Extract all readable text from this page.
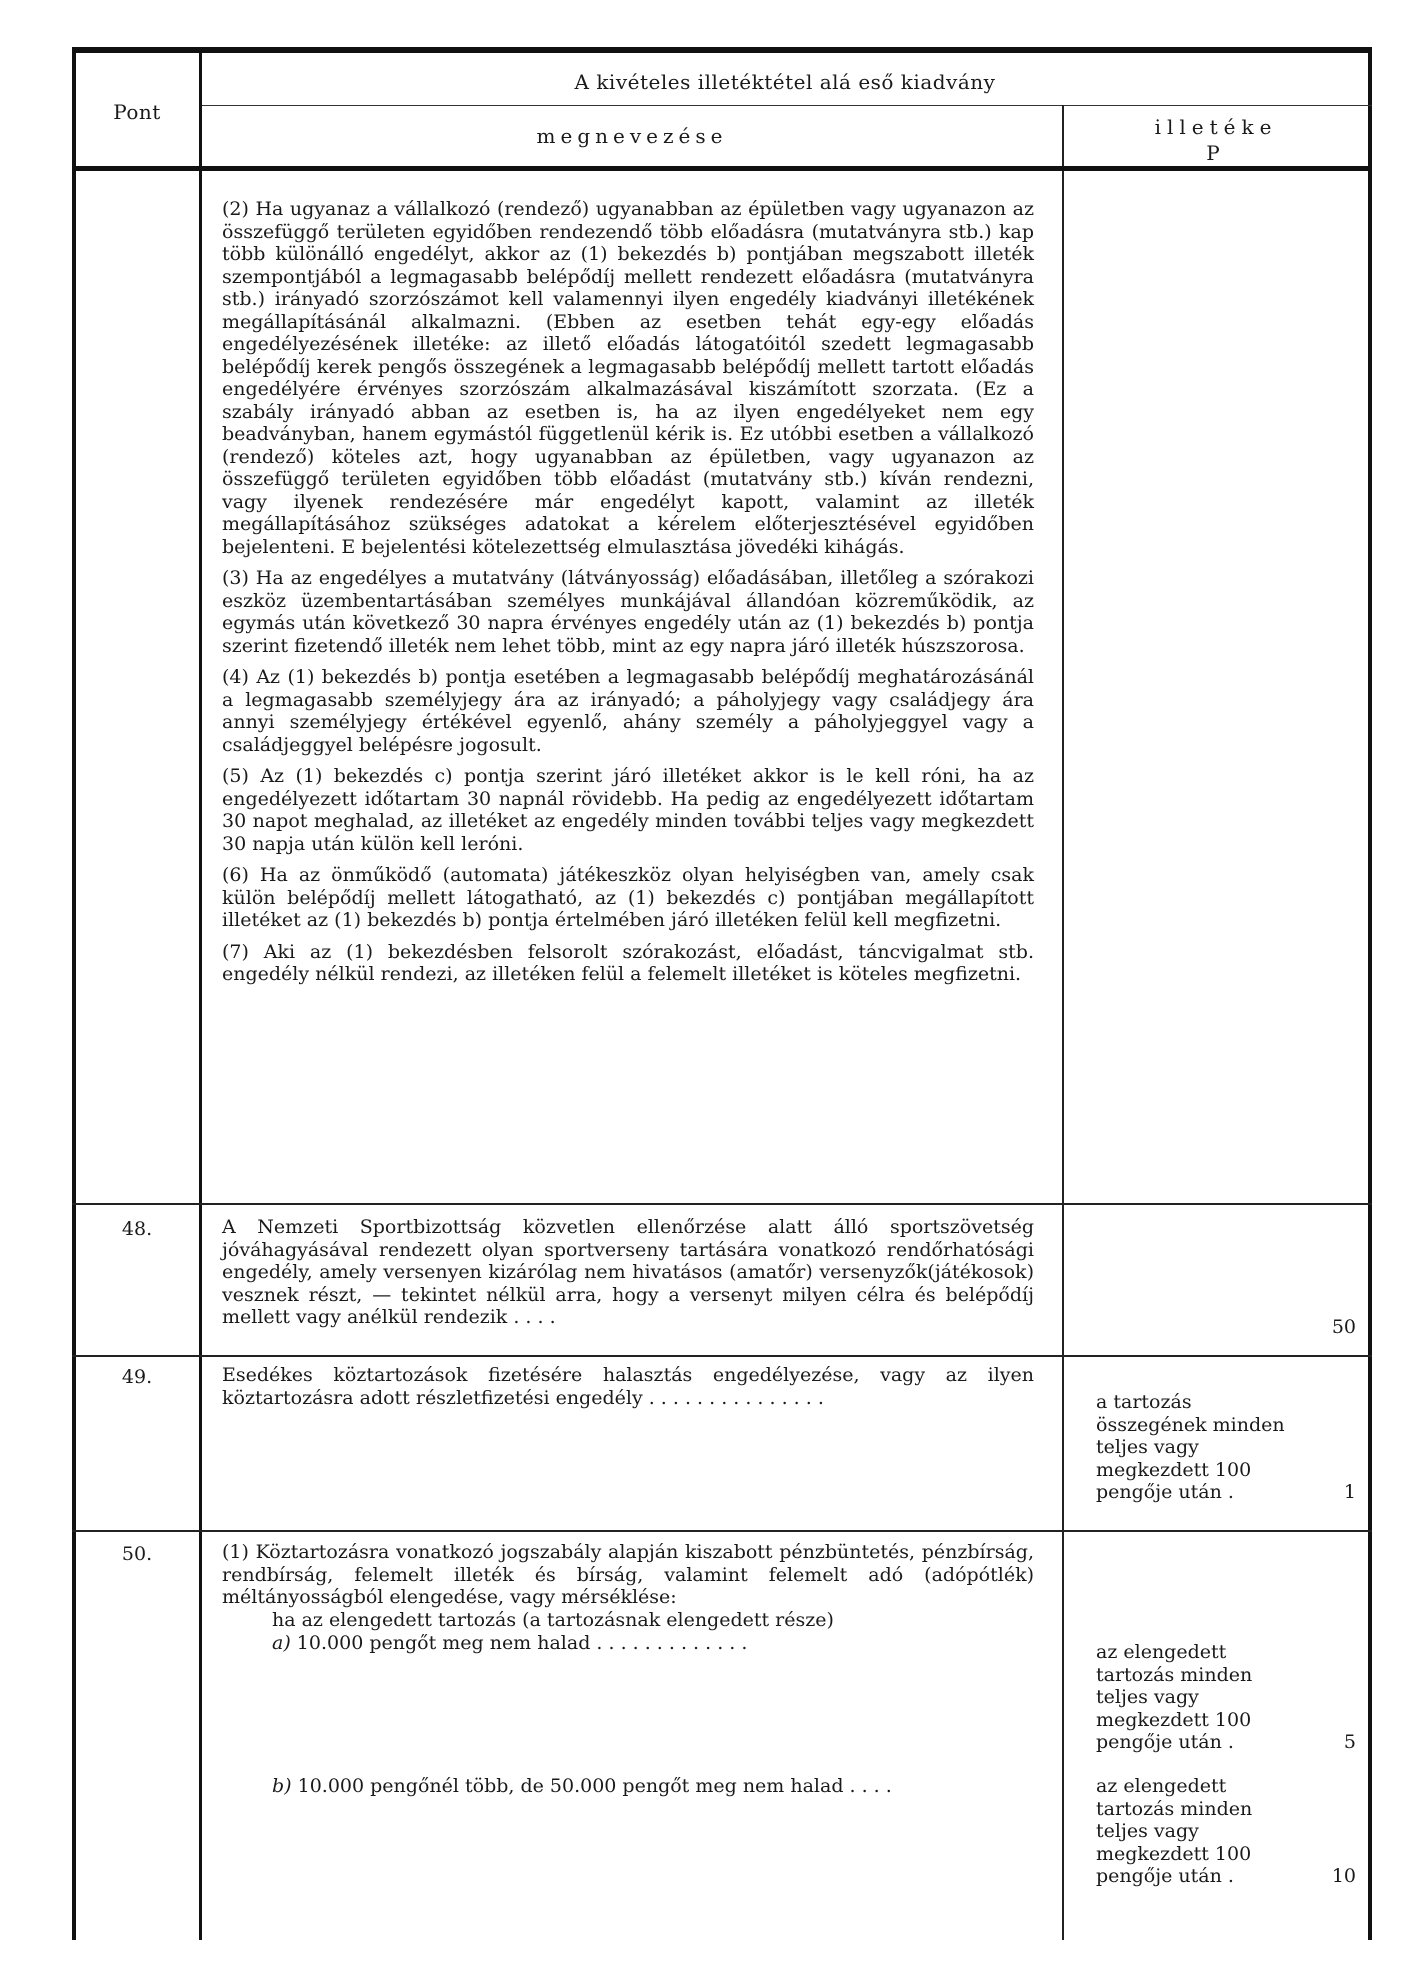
Pont
A kivételes illetéktétel alá eső kiadvány
megnevezése	illetéke
P

(2) Ha ugyanaz a vállalkozó (rendező) ugyanabban az épületben vagy ugyanazon az összefüggő területen egyidőben rendezendő több előadásra (mutatványra stb.) kap több különálló engedélyt, akkor az (1) bekezdés b) pontjában megszabott illeték szempontjából a legmagasabb belépődíj mellett rendezett előadásra (mutatványra stb.) irányadó szorzószámot kell valamennyi ilyen engedély kiadványi illetékének megállapításánál alkalmazni. (Ebben az esetben tehát egy-egy előadás engedélyezésének illetéke: az illető előadás látogatóitól szedett legmagasabb belépődíj kerek pengős összegének a legmagasabb belépődíj mellett tartott előadás engedélyére érvényes szorzószám alkalmazásával kiszámított szorzata. (Ez a szabály irányadó abban az esetben is, ha az ilyen engedélyeket nem egy beadványban, hanem egymástól függetlenül kérik is. Ez utóbbi esetben a vállalkozó (rendező) köteles azt, hogy ugyanabban az épületben, vagy ugyanazon az összefüggő területen egyidőben több előadást (mutatvány stb.) kíván rendezni, vagy ilyenek rendezésére már engedélyt kapott, valamint az illeték megállapításához szükséges adatokat a kérelem előterjesztésével egyidőben bejelenteni. E bejelentési kötelezettség elmulasztása jövedéki kihágás.

(3) Ha az engedélyes a mutatvány (látványosság) előadásában, illetőleg a szórakozi eszköz üzembentartásában személyes munkájával állandóan közreműködik, az egymás után következő 30 napra érvényes engedély után az (1) bekezdés b) pontja szerint fizetendő illeték nem lehet több, mint az egy napra járó illeték húszszorosa.

(4) Az (1) bekezdés b) pontja esetében a legmagasabb belépődíj meghatározásánál a legmagasabb személyjegy ára az irányadó; a páholyjegy vagy családjegy ára annyi személyjegy értékével egyenlő, ahány személy a páholyjeggyel vagy a családjeggyel belépésre jogosult.

(5) Az (1) bekezdés c) pontja szerint járó illetéket akkor is le kell róni, ha az engedélyezett időtartam 30 napnál rövidebb. Ha pedig az engedélyezett időtartam 30 napot meghalad, az illetéket az engedély minden további teljes vagy megkezdett 30 napja után külön kell leróni.

(6) Ha az önműködő (automata) játékeszköz olyan helyiségben van, amely csak külön belépődíj mellett látogatható, az (1) bekezdés c) pontjában megállapított illetéket az (1) bekezdés b) pontja értelmében járó illetéken felül kell megfizetni.

(7) Aki az (1) bekezdésben felsorolt szórakozást, előadást, táncvigalmat stb. engedély nélkül rendezi, az illetéken felül a felemelt illetéket is köteles megfizetni.

48.	A Nemzeti Sportbizottság közvetlen ellenőrzése alatt álló sportszövetség jóváhagyásával rendezett olyan sportverseny tartására vonatkozó rendőrhatósági engedély, amely versenyen kizárólag nem hivatásos (amatőr) versenyzők(játékosok) vesznek részt, — tekintet nélkül arra, hogy a versenyt milyen célra és belépődíj mellett vagy anélkül rendezik . . . .	50
49.	Esedékes köztartozások fizetésére halasztás engedélyezése, vagy az ilyen köztartozásra adott részletfizetési engedély . . . . . . . . . . . . . . .	a tartozás összegének minden teljes vagy megkezdett 100 pengője után .	1
50.	(1) Köztartozásra vonatkozó jogszabály alapján kiszabott pénzbüntetés, pénzbírság, rendbírság, felemelt illeték és bírság, valamint felemelt adó (adópótlék) méltányosságból elengedése, vagy mérséklése:
ha az elengedett tartozás (a tartozásnak elengedett része)
a) 10.000 pengőt meg nem halad . . . . . . . . . . . . .	az elengedett tartozás minden teljes vagy megkezdett 100 pengője után .	5
b) 10.000 pengőnél több, de 50.000 pengőt meg nem halad . . . .	az elengedett tartozás minden teljes vagy megkezdett 100 pengője után .	10
